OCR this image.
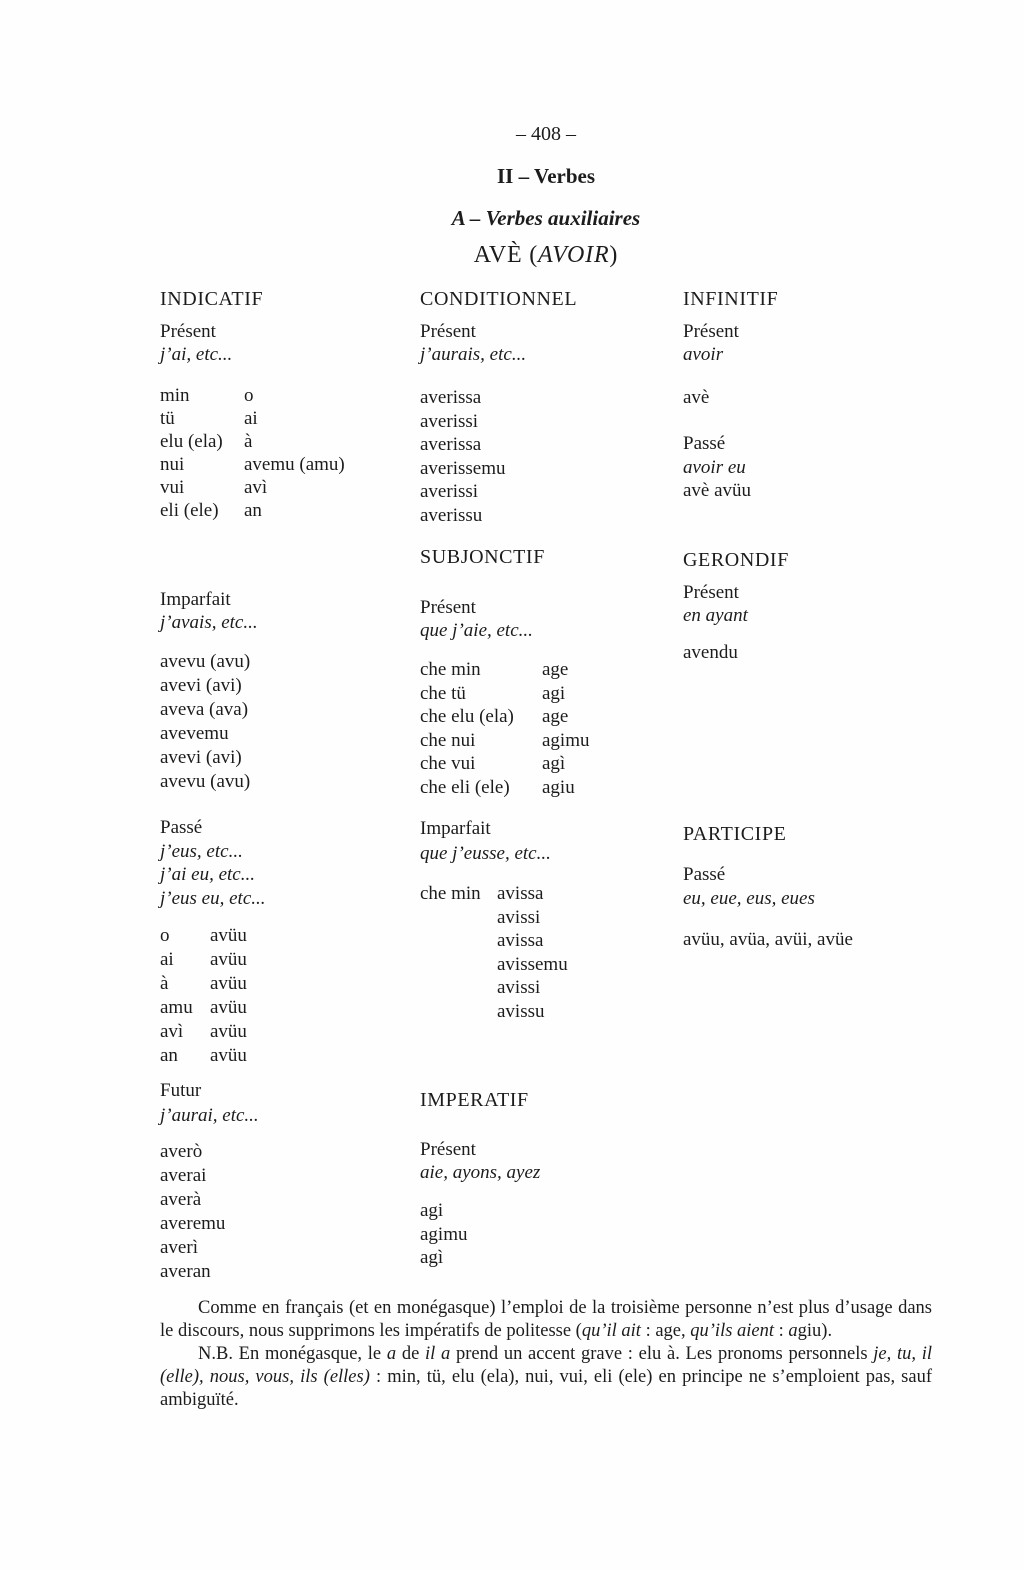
– 408 –
II – Verbes
A – Verbes auxiliaires
AVÈ (AVOIR)
INDICATIF
Présent
j’ai, etc...
min	o
tü	ai
elu (ela)	à
nui	avemu (amu)
vui	avì
eli (ele)	an
Imparfait
j’avais, etc...
avevu (avu)
avevi (avi)
aveva (ava)
avevemu
avevi (avi)
avevu (avu)
Passé
j’eus, etc...
j’ai eu, etc...
j’eus eu, etc...
o	avüu
ai	avüu
à	avüu
amu avüu
avì	avüu
an	avüu
Futur
j’aurai, etc...
averò
averai
averà
averemu
averì
averan
CONDITIONNEL
Présent
j’aurais, etc...
averissa
averissi
averissa
averissemu
averissi
averissu
SUBJONCTIF
Présent
que j’aie, etc...
che min	age
che tü	agi
che elu (ela)	age
che nui	agimu
che vui	agì
che eli (ele)	agiu
Imparfait
que j’eusse, etc...
che min avissa
avissi
avissa
avissemu
avissi
avissu
IMPERATIF
Présent
aie, ayons, ayez
agi
agimu
agì
INFINITIF
Présent
avoir
avè
Passé
avoir eu
avè avüu
GERONDIF
Présent
en ayant
avendu
PARTICIPE
Passé
eu, eue, eus, eues
avüu, avüa, avüi, avüe

Comme en français (et en monégasque) l’emploi de la troisième personne n’est plus d’usage dans le discours, nous supprimons les impératifs de politesse (qu’il ait : age, qu’ils aient : agiu).

N.B. En monégasque, le a de il a prend un accent grave : elu à. Les pronoms personnels je, tu, il (elle), nous, vous, ils (elles) : min, tü, elu (ela), nui, vui, eli (ele) en principe ne s’emploient pas, sauf ambiguïté.
